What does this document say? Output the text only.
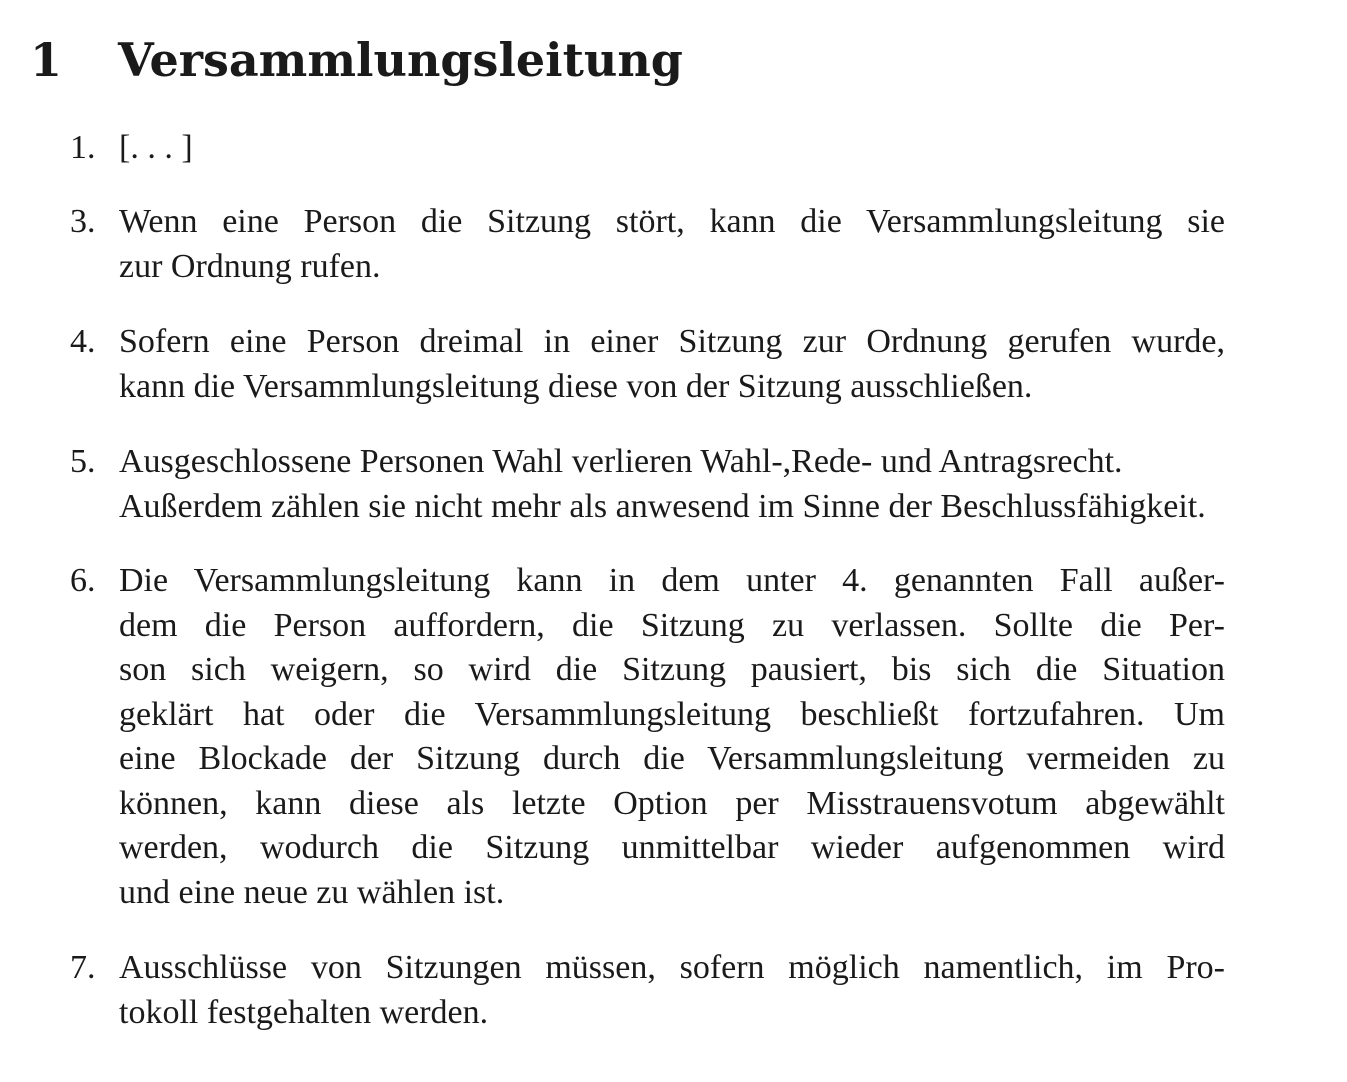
1 Versammlungsleitung
1. [. . . ]
3. Wenn eine Person die Sitzung stört, kann die Versammlungsleitung sie
zur Ordnung rufen.
4. Sofern eine Person dreimal in einer Sitzung zur Ordnung gerufen wurde,
kann die Versammlungsleitung diese von der Sitzung ausschließen.
5. Ausgeschlossene Personen Wahl verlieren Wahl-,Rede- und Antragsrecht.
Außerdem zählen sie nicht mehr als anwesend im Sinne der Beschlussfähigkeit.
6. Die Versammlungsleitung kann in dem unter 4. genannten Fall außer-
dem die Person auffordern, die Sitzung zu verlassen. Sollte die Per-
son sich weigern, so wird die Sitzung pausiert, bis sich die Situation
geklärt hat oder die Versammlungsleitung beschließt fortzufahren. Um
eine Blockade der Sitzung durch die Versammlungsleitung vermeiden zu
können, kann diese als letzte Option per Misstrauensvotum abgewählt
werden, wodurch die Sitzung unmittelbar wieder aufgenommen wird
und eine neue zu wählen ist.
7. Ausschlüsse von Sitzungen müssen, sofern möglich namentlich, im Pro-
tokoll festgehalten werden.
